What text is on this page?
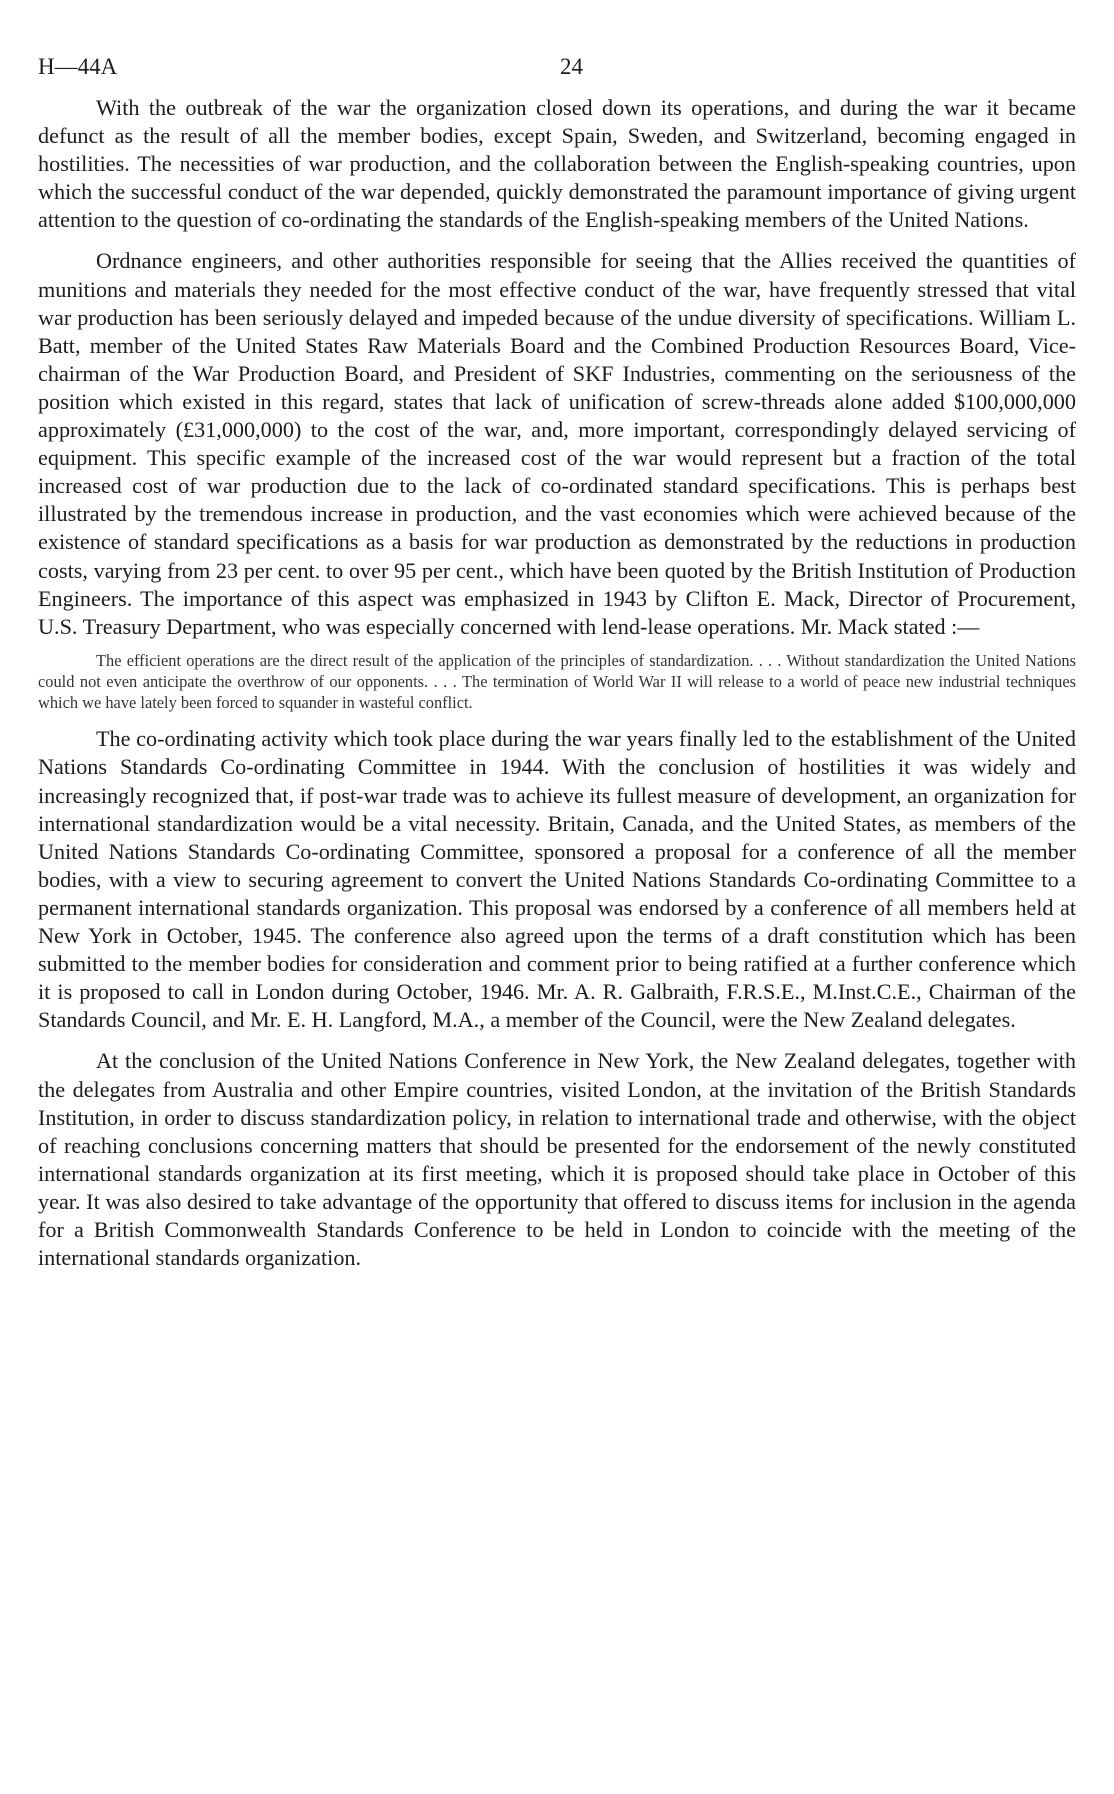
H—44A	24

With the outbreak of the war the organization closed down its operations, and during the war it became defunct as the result of all the member bodies, except Spain, Sweden, and Switzerland, becoming engaged in hostilities. The necessities of war production, and the collaboration between the English-speaking countries, upon which the successful conduct of the war depended, quickly demonstrated the paramount importance of giving urgent attention to the question of co-ordinating the standards of the English-speaking members of the United Nations.

Ordnance engineers, and other authorities responsible for seeing that the Allies received the quantities of munitions and materials they needed for the most effective conduct of the war, have frequently stressed that vital war production has been seriously delayed and impeded because of the undue diversity of specifications. William L. Batt, member of the United States Raw Materials Board and the Combined Production Resources Board, Vice-chairman of the War Production Board, and President of SKF Industries, commenting on the seriousness of the position which existed in this regard, states that lack of unification of screw-threads alone added $100,000,000 approximately (£31,000,000) to the cost of the war, and, more important, correspondingly delayed servicing of equipment. This specific example of the increased cost of the war would represent but a fraction of the total increased cost of war production due to the lack of co-ordinated standard specifications. This is perhaps best illustrated by the tremendous increase in production, and the vast economies which were achieved because of the existence of standard specifications as a basis for war production as demonstrated by the reductions in production costs, varying from 23 per cent. to over 95 per cent., which have been quoted by the British Institution of Production Engineers. The importance of this aspect was emphasized in 1943 by Clifton E. Mack, Director of Procurement, U.S. Treasury Department, who was especially concerned with lend-lease operations. Mr. Mack stated :—

The efficient operations are the direct result of the application of the principles of standardization. . . . Without standardization the United Nations could not even anticipate the overthrow of our opponents. . . . The termination of World War II will release to a world of peace new industrial techniques which we have lately been forced to squander in wasteful conflict.

The co-ordinating activity which took place during the war years finally led to the establishment of the United Nations Standards Co-ordinating Committee in 1944. With the conclusion of hostilities it was widely and increasingly recognized that, if post-war trade was to achieve its fullest measure of development, an organization for international standardization would be a vital necessity. Britain, Canada, and the United States, as members of the United Nations Standards Co-ordinating Committee, sponsored a proposal for a conference of all the member bodies, with a view to securing agreement to convert the United Nations Standards Co-ordinating Committee to a permanent international standards organization. This proposal was endorsed by a conference of all members held at New York in October, 1945. The conference also agreed upon the terms of a draft constitution which has been submitted to the member bodies for consideration and comment prior to being ratified at a further conference which it is proposed to call in London during October, 1946. Mr. A. R. Galbraith, F.R.S.E., M.Inst.C.E., Chairman of the Standards Council, and Mr. E. H. Langford, M.A., a member of the Council, were the New Zealand delegates.

At the conclusion of the United Nations Conference in New York, the New Zealand delegates, together with the delegates from Australia and other Empire countries, visited London, at the invitation of the British Standards Institution, in order to discuss standardization policy, in relation to international trade and otherwise, with the object of reaching conclusions concerning matters that should be presented for the endorsement of the newly constituted international standards organization at its first meeting, which it is proposed should take place in October of this year. It was also desired to take advantage of the opportunity that offered to discuss items for inclusion in the agenda for a British Commonwealth Standards Conference to be held in London to coincide with the meeting of the international standards organization.
